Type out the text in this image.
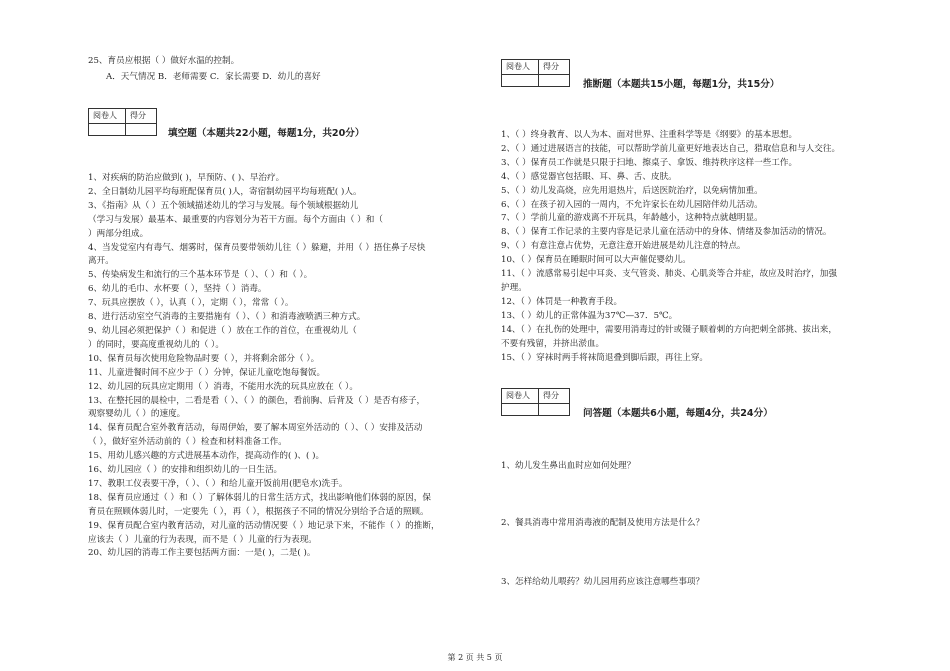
25、育员应根据（ ）做好水温的控制。
A．天气情况 B．老师需要 C．家长需要 D．幼儿的喜好
阅卷人	得分

填空题（本题共22小题，每题1分，共20分）
1、对疾病的防治应做到( )，早预防、( )、早治疗。
2、全日制幼儿园平均每班配保育员( )人，寄宿制幼园平均每班配( )人。
3、《指南》从（ ）五个领域描述幼儿的学习与发展。每个领域根据幼儿
（学习与发展）最基本、最重要的内容划分为若干方面。每个方面由（ ）和（
）两部分组成。
4、当发觉室内有毒气、烟雾时，保育员要带领幼儿往（ ）躲避，并用（ ）捂住鼻子尽快
离开。
5、传染病发生和流行的三个基本环节是（ ）、（ ）和（ ）。
6、幼儿的毛巾、水杯要（ ），坚持（ ）消毒。
7、玩具应摆放（ ），认真（ ），定期（ ），常常（ ）。
8、进行活动室空气消毒的主要措施有（ ）、（ ）和消毒液喷洒三种方式。
9、幼儿园必须把保护（ ）和促进（ ）放在工作的首位，在重视幼儿（
）的同时，要高度重视幼儿的（ ）。
10、保育员每次使用危险物品时要（ ），并将剩余部分（ ）。
11、儿童进餐时间不应少于（ ）分钟，保证儿童吃饱每餐饭。
12、幼儿园的玩具应定期用（ ）消毒，不能用水洗的玩具应放在（ ）。
13、在整托园的晨检中，二看是看（ ）、（ ）的颜色，看前胸、后背及（ ）是否有疹子，
观察婴幼儿（ ）的速度。
14、保育员配合室外教育活动，每周伊始，要了解本周室外活动的（ ）、（ ）安排及活动
（ ），做好室外活动前的（ ）检查和材料准备工作。
15、用幼儿感兴趣的方式进展基本动作，提高动作的( )、( )。
16、幼儿园应（ ）的安排和组织幼儿的一日生活。
17、教职工仪表要干净，（ ）、（ ）和给儿童开饭前用(肥皂水)洗手。
18、保育员应通过（ ）和（ ）了解体弱儿的日常生活方式，找出影响他们体弱的原因，保
育员在照顾体弱儿时，一定要先（ ），再（ ），根据孩子不同的情况分别给予合适的照顾。
19、保育员配合室内教育活动，对儿童的活动情况要（ ）地记录下来，不能作（ ）的推断，
应该去（ ）儿童的行为表现，而不是（ ）儿童的行为表现。
20、幼儿园的消毒工作主要包括两方面：一是( )，二是( )。
阅卷人	得分

推断题（本题共15小题，每题1分，共15分）
1、（ ）终身教育、以人为本、面对世界、注重科学等是《纲要》的基本思想。
2、（ ）通过进展语言的技能，可以帮助学前儿童更好地表达自己，猎取信息和与人交往。
3、（ ）保育员工作就是只限于扫地、擦桌子、拿饭、维持秩序这样一些工作。
4、（ ）感觉器官包括眼、耳、鼻、舌、皮肤。
5、（ ）幼儿发高烧，应先用退热片，后送医院治疗，以免病情加重。
6、（ ）在孩子初入园的一周内，不允许家长在幼儿园陪伴幼儿活动。
7、（ ）学前儿童的游戏离不开玩具，年龄越小，这种特点就越明显。
8、（ ）保育工作记录的主要内容是记录儿童在活动中的身体、情绪及参加活动的情况。
9、（ ）有意注意占优势，无意注意开始进展是幼儿注意的特点。
10、（ ）保育员在睡眠时间可以大声催促婴幼儿。
11、（ ）流感常易引起中耳炎、支气管炎、肺炎、心肌炎等合并症，故应及时治疗，加强
护理。
12、（ ）体罚是一种教育手段。
13、（ ）幼儿的正常体温为37℃—37．5℃。
14、（ ）在扎伤的处理中，需要用消毒过的针或镊子顺着刺的方向把刺全部挑、拔出来，
不要有残留，并挤出淤血。
15、（ ）穿袜时两手将袜筒退叠到脚后跟，再往上穿。
阅卷人	得分

问答题（本题共6小题，每题4分，共24分）
1、幼儿发生鼻出血时应如何处理？
2、餐具消毒中常用消毒液的配制及使用方法是什么？
3、怎样给幼儿喂药？幼儿园用药应该注意哪些事项？
第 2 页 共 5 页
